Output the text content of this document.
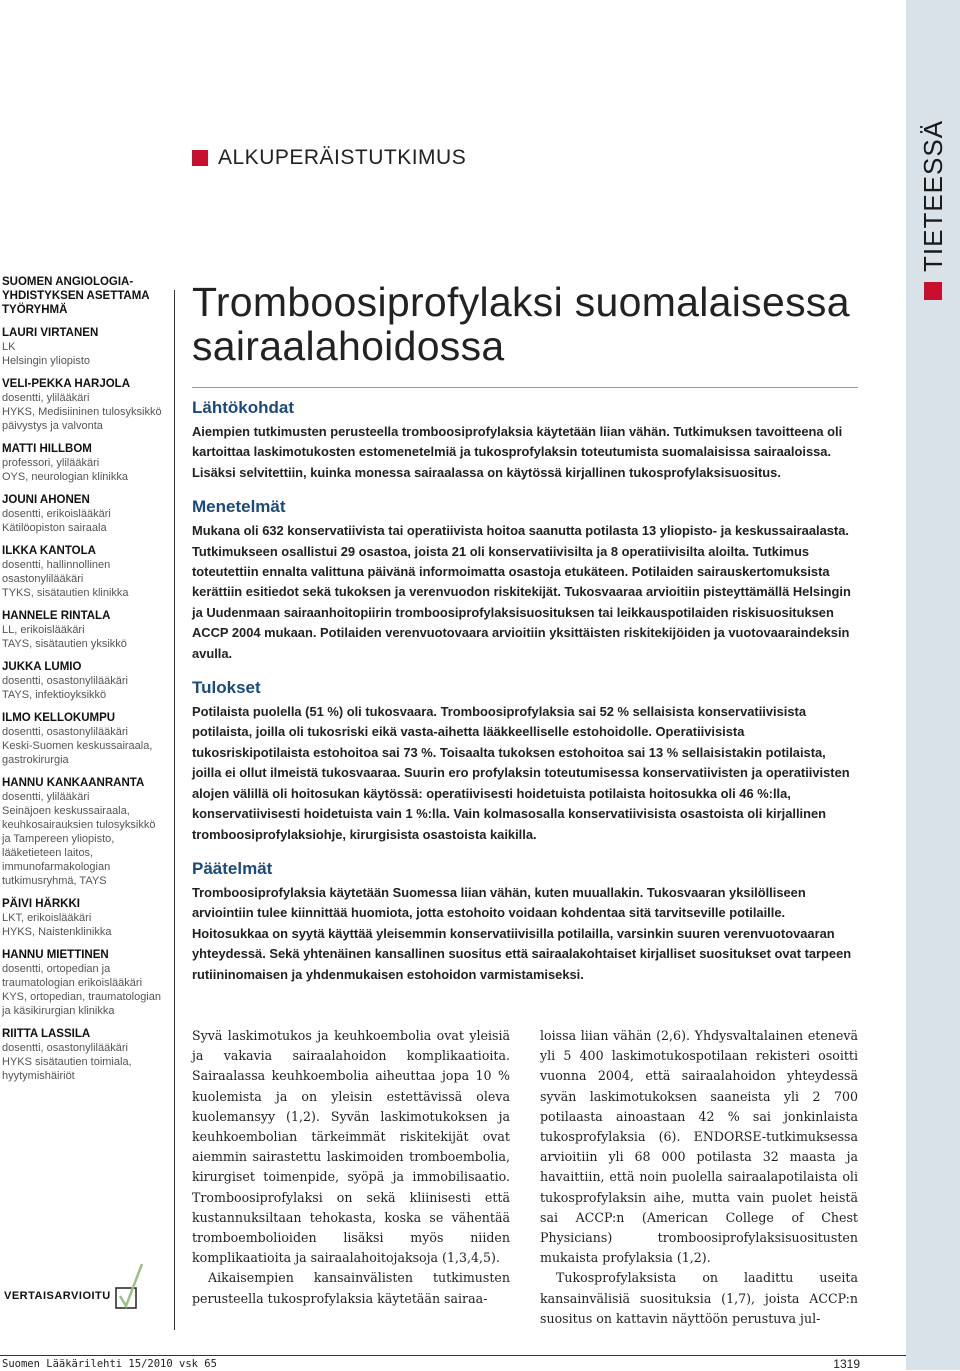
TIETEESSÄ
ALKUPERÄISTUTKIMUS
SUOMEN ANGIOLOGIA-YHDISTYKSEN ASETTAMA TYÖRYHMÄ
LAURI VIRTANEN
LK
Helsingin yliopisto
VELI-PEKKA HARJOLA
dosentti, ylilääkäri
HYKS, Medisiininen tulosyksikkö päivystys ja valvonta
MATTI HILLBOM
professori, ylilääkäri
OYS, neurologian klinikka
JOUNI AHONEN
dosentti, erikoislääkäri
Kätilöopiston sairaala
ILKKA KANTOLA
dosentti, hallinnollinen osastonylilääkäri
TYKS, sisätautien klinikka
HANNELE RINTALA
LL, erikoislääkäri
TAYS, sisätautien yksikkö
JUKKA LUMIO
dosentti, osastonylilääkäri
TAYS, infektioyksikkö
ILMO KELLOKUMPU
dosentti, osastonylilääkäri
Keski-Suomen keskussairaala, gastrokirurgia
HANNU KANKAANRANTA
dosentti, ylilääkäri
Seinäjoen keskussairaala, keuhkosairauksien tulosyksikkö ja Tampereen yliopisto, lääketieteen laitos, immunofarmakologian tutkimusryhmä, TAYS
PÄIVI HÄRKKI
LKT, erikoislääkäri
HYKS, Naistenklinikka
HANNU MIETTINEN
dosentti, ortopedian ja traumatologian erikoislääkäri
KYS, ortopedian, traumatologian ja käsikirurgian klinikka
RIITTA LASSILA
dosentti, osastonylilääkäri
HYKS sisätautien toimiala, hyytymishäiriöt
Tromboosiprofylaksi suomalaisessa sairaalahoidossa
Lähtökohdat

Aiempien tutkimusten perusteella tromboosiprofylaksia käytetään liian vähän. Tutkimuksen tavoitteena oli kartoittaa laskimotukosten estomenetelmiä ja tukosprofylaksin toteutumista suomalaisissa sairaaloissa. Lisäksi selvitettiin, kuinka monessa sairaalassa on käytössä kirjallinen tukosprofylaksisuositus.

Menetelmät

Mukana oli 632 konservatiivista tai operatiivista hoitoa saanutta potilasta 13 yliopisto- ja keskussairaalasta. Tutkimukseen osallistui 29 osastoa, joista 21 oli konservatiivisilta ja 8 operatiivisilta aloilta. Tutkimus toteutettiin ennalta valittuna päivänä informoimatta osastoja etukäteen. Potilaiden sairauskertomuksista kerättiin esitiedot sekä tukoksen ja verenvuodon riskitekijät. Tukosvaaraa arvioitiin pisteyttämällä Helsingin ja Uudenmaan sairaanhoitopiirin tromboosiprofylaksisuosituksen tai leikkauspotilaiden riskisuosituksen ACCP 2004 mukaan. Potilaiden verenvuotovaara arvioitiin yksittäisten riskitekijöiden ja vuotovaaraindeksin avulla.

Tulokset

Potilaista puolella (51 %) oli tukosvaara. Tromboosiprofylaksia sai 52 % sellaisista konservatiivisista potilaista, joilla oli tukosriski eikä vasta-aihetta lääkkeelliselle estohoidolle. Operatiivisista tukosriskipotilaista estohoitoa sai 73 %. Toisaalta tukoksen estohoitoa sai 13 % sellaisistakin potilaista, joilla ei ollut ilmeistä tukosvaaraa. Suurin ero profylaksin toteutumisessa konservatiivisten ja operatiivisten alojen välillä oli hoitosukan käytössä: operatiivisesti hoidetuista potilaista hoitosukka oli 46 %:lla, konservatiivisesti hoidetuista vain 1 %:lla. Vain kolmasosalla konservatiivisista osastoista oli kirjallinen tromboosiprofylaksiohje, kirurgisista osastoista kaikilla.

Päätelmät

Tromboosiprofylaksia käytetään Suomessa liian vähän, kuten muuallakin. Tukosvaaran yksilölliseen arviointiin tulee kiinnittää huomiota, jotta estohoito voidaan kohdentaa sitä tarvitseville potilaille. Hoitosukkaa on syytä käyttää yleisemmin konservatiivisilla potilailla, varsinkin suuren verenvuotovaaran yhteydessä. Sekä yhtenäinen kansallinen suositus että sairaalakohtaiset kirjalliset suositukset ovat tarpeen rutiininomaisen ja yhdenmukaisen estohoidon varmistamiseksi.

Syvä laskimotukos ja keuhkoembolia ovat yleisiä ja vakavia sairaalahoidon komplikaatioita. Sairaalassa keuhkoembolia aiheuttaa jopa 10 % kuolemista ja on yleisin estettävissä oleva kuolemansyy (1,2). Syvän laskimotukoksen ja keuhkoembolian tärkeimmät riskitekijät ovat aiemmin sairastettu laskimoiden tromboembolia, kirurgiset toimenpide, syöpä ja immobilisaatio. Tromboosiprofylaksi on sekä kliinisesti että kustannuksiltaan tehokasta, koska se vähentää tromboembolioiden lisäksi myös niiden komplikaatioita ja sairaalahoitojaksoja (1,3,4,5).

Aikaisempien kansainvälisten tutkimusten perusteella tukosprofylaksia käytetään sairaa-

loissa liian vähän (2,6). Yhdysvaltalainen etenevä yli 5 400 laskimotukospotilaan rekisteri osoitti vuonna 2004, että sairaalahoidon yhteydessä syvän laskimotukoksen saaneista yli 2 700 potilaasta ainoastaan 42 % sai jonkinlaista tukosprofylaksia (6). ENDORSE-tutkimuksessa arvioitiin yli 68 000 potilasta 32 maasta ja havaittiin, että noin puolella sairaalapotilaista oli tukosprofylaksin aihe, mutta vain puolet heistä sai ACCP:n (American College of Chest Physicians) tromboosiprofylaksisuositusten mukaista profylaksia (1,2).

Tukosprofylaksista on laadittu useita kansainvälisiä suosituksia (1,7), joista ACCP:n suositus on kattavin näyttöön perustuva jul-

VERTAISARVIOITU
Suomen Lääkärilehti 15/2010 vsk 65	1319
